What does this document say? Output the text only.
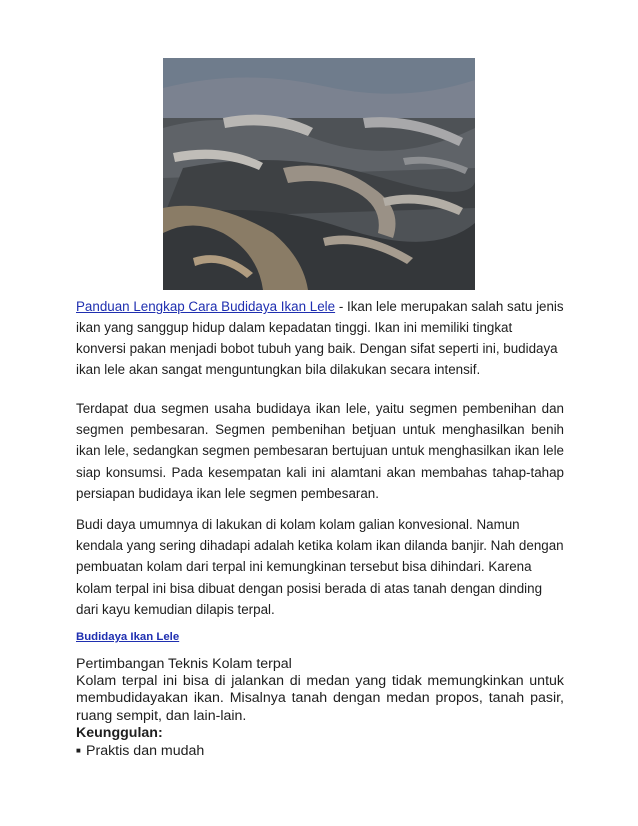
Panduan Lengkap Cara Budidaya Ikan Lele - Ikan lele merupakan salah satu jenis ikan yang sanggup hidup dalam kepadatan tinggi. Ikan ini memiliki tingkat konversi pakan menjadi bobot tubuh yang baik. Dengan sifat seperti ini, budidaya ikan lele akan sangat menguntungkan bila dilakukan secara intensif.
Terdapat dua segmen usaha budidaya ikan lele, yaitu segmen pembenihan dan segmen pembesaran. Segmen pembenihan betjuan untuk menghasilkan benih ikan lele, sedangkan segmen pembesaran bertujuan untuk menghasilkan ikan lele siap konsumsi. Pada kesempatan kali ini alamtani akan membahas tahap-tahap persiapan budidaya ikan lele segmen pembesaran.
Budi daya umumnya di lakukan di kolam kolam galian konvesional. Namun kendala yang sering dihadapi adalah ketika kolam ikan dilanda banjir. Nah dengan pembuatan kolam dari terpal ini kemungkinan tersebut bisa dihindari. Karena kolam terpal ini bisa dibuat dengan posisi berada di atas tanah dengan dinding dari kayu kemudian dilapis terpal.
Budidaya Ikan Lele
Pertimbangan Teknis Kolam terpal
Kolam terpal ini bisa di jalankan di medan yang tidak memungkinkan untuk membudidayakan ikan. Misalnya tanah dengan medan propos, tanah pasir, ruang sempit, dan lain-lain.
Keunggulan:
■ Praktis dan mudah
